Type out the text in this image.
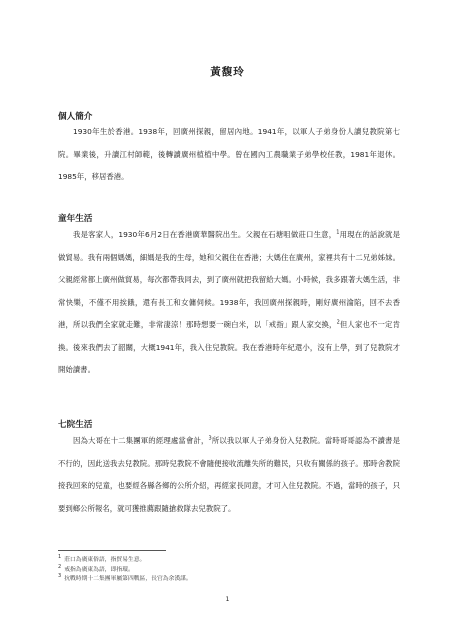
黃馥玲
個人簡介

1930年生於香港。1938年，回廣州探親，留居內地。1941年，以軍人子弟身份人讀兒教院第七院。畢業後，升讀江村師範，後轉讀廣州植植中學。曾在國內工農職業子弟學校任教，1981年退休。1985年，移居香港。

童年生活

我是客家人，1930年6月2日在香港廣華醫院出生。父親在石塘咀做莊口生意，$^1$用現在的話說就是做貿易。我有兩個媽媽，細媽是我的生母，她和父親住在香港；大媽住在廣州，家裡共有十二兄弟姊妹。父親經常都上廣州做貿易，每次都帶我同去，到了廣州就把我留給大媽。小時候，我多跟著大媽生活，非常快樂，不僅不用挨餓，還有長工和女傭伺候。1938年，我回廣州探親時，剛好廣州淪陷，回不去香港，所以我們全家就走難，非常淒涼！那時想要一碗白米，以「戒指」跟人家交換，$^2$但人家也不一定肯換。後來我們去了韶關，大概1941年，我入住兒教院。我在香港時年紀還小，沒有上學，到了兒教院才開始讀書。

七院生活

因為大哥在十二集團軍的經理處當會計，$^3$所以我以軍人子弟身份入兒教院。當時哥哥認為不讀書是不行的，因此送我去兒教院。那時兒教院不會隨便接收流離失所的難民，只收有關係的孩子。那時舍教院接我回來的兒童，也要經各縣各鄉的公所介紹，再經家長同意，才可入住兒教院。不過，當時的孩子，只要到鄉公所報名，就可獲推薦跟隨搶救隊去兒教院了。

$^1$ 莊口為廣東俗語，指貿易生意。
$^2$ 戒指為廣東為語，即指環。
$^3$ 抗戰時期十二集團軍屬第四戰區，長官為余漢謀。
1
